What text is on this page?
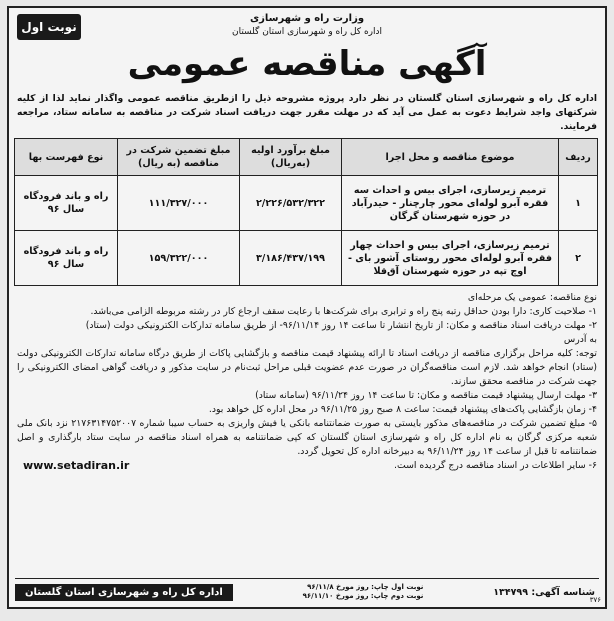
نوبت اول
وزارت راه و شهرسازی
اداره کل راه و شهرسازی استان گلستان
آگهی مناقصه عمومی
اداره کل راه و شهرسازی استان گلستان در نظر دارد پروژه مشروحه ذیل را ازطریق مناقصه عمومی واگذار نماید لذا از کلیه شرکتهای واجد شرایط دعوت به عمل می آید که در مهلت مقرر جهت دریافت اسناد شرکت در مناقصه به سامانه ستاد، مراجعه فرمایند.
ردیف	موضوع مناقصه و محل اجرا	مبلغ برآورد اولیه (به‌ریال)	مبلغ تضمین شرکت در مناقصه (به ریال)	نوع فهرست بها
۱	ترمیم زیرسازی، اجرای بیس و احداث سه فقره آبرو لوله‌ای محور چارچنار - حیدرآباد در حوزه شهرستان گرگان	۲/۲۲۶/۵۳۲/۳۲۲	۱۱۱/۳۲۷/۰۰۰	راه و باند فرودگاه سال ۹۶
۲	ترمیم زیرسازی، اجرای بیس و احداث چهار فقره آبرو لوله‌ای محور روستای آشور بای - اوچ تپه در حوزه شهرستان آق‌قلا	۳/۱۸۶/۴۳۷/۱۹۹	۱۵۹/۳۲۲/۰۰۰	راه و باند فرودگاه سال ۹۶

نوع مناقصه: عمومی یک مرحله‌ای

۱- صلاحیت کاری: دارا بودن حداقل رتبه پنج راه و ترابری برای شرکت‌ها با رعایت سقف ارجاع کار در رشته مربوطه الزامی می‌باشد.

۲- مهلت دریافت اسناد مناقصه و مکان: از تاریخ انتشار تا ساعت ۱۴ روز ۹۶/۱۱/۱۴- از طریق سامانه تدارکات الکترونیکی دولت (ستاد)

به آدرس

توجه: کلیه مراحل برگزاری مناقصه از دریافت اسناد تا ارائه پیشنهاد قیمت مناقصه و بازگشایی پاکات از طریق درگاه سامانه تدارکات الکترونیکی دولت (ستاد) انجام خواهد شد. لازم است مناقصه‌گران در صورت عدم عضویت قبلی مراحل ثبت‌نام در سایت مذکور و دریافت گواهی امضای الکترونیکی را جهت شرکت در مناقصه محقق سازند.

۳- مهلت ارسال پیشنهاد قیمت مناقصه و مکان: تا ساعت ۱۴ روز ۹۶/۱۱/۲۴ (سامانه ستاد)

۴- زمان بازگشایی پاکت‌های پیشنهاد قیمت: ساعت ۸ صبح روز ۹۶/۱۱/۲۵ در محل اداره کل خواهد بود.

۵- مبلغ تضمین شرکت در مناقصه‌های مذکور بایستی به صورت ضمانتنامه بانکی یا فیش واریزی به حساب سیبا شماره ۲۱۷۶۳۱۴۷۵۲۰۰۷ نزد بانک ملی شعبه مرکزی گرگان به نام اداره کل راه و شهرسازی استان گلستان که کپی ضمانتنامه به همراه اسناد مناقصه در سایت ستاد بارگذاری و اصل ضمانتنامه تا قبل از ساعت ۱۴ روز ۹۶/۱۱/۲۴ به دبیرخانه اداره کل تحویل گردد.

۶- سایر اطلاعات در اسناد مناقصه درج گردیده است.

www.setadiran.ir
شناسه آگهی: ۱۳۴۷۹۹
نوبت اول چاپ: روز مورخ ۹۶/۱۱/۸
نوبت دوم چاپ: روز مورخ ۹۶/۱۱/۱۰
اداره کل راه و شهرسازی استان گلستان
۳۷۶
